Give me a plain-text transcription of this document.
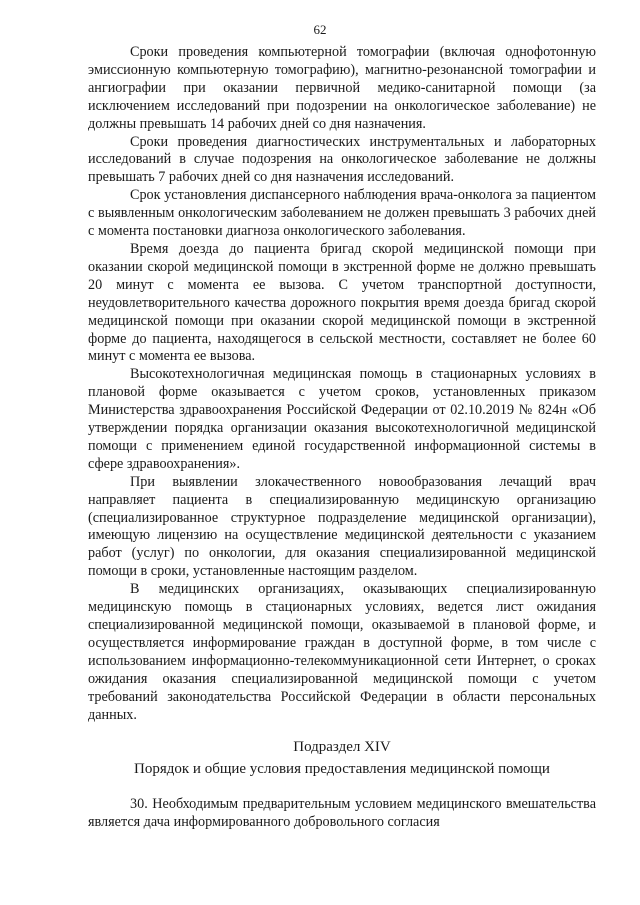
62

Сроки проведения компьютерной томографии (включая однофотонную эмиссионную компьютерную томографию), магнитно-резонансной томографии и ангиографии при оказании первичной медико-санитарной помощи (за исключением исследований при подозрении на онкологическое заболевание) не должны превышать 14 рабочих дней со дня назначения.

Сроки проведения диагностических инструментальных и лабораторных исследований в случае подозрения на онкологическое заболевание не должны превышать 7 рабочих дней со дня назначения исследований.

Срок установления диспансерного наблюдения врача-онколога за пациентом с выявленным онкологическим заболеванием не должен превышать 3 рабочих дней с момента постановки диагноза онкологического заболевания.

Время доезда до пациента бригад скорой медицинской помощи при оказании скорой медицинской помощи в экстренной форме не должно превышать 20 минут с момента ее вызова. С учетом транспортной доступности, неудовлетворительного качества дорожного покрытия время доезда бригад скорой медицинской помощи при оказании скорой медицинской помощи в экстренной форме до пациента, находящегося в сельской местности, составляет не более 60 минут с момента ее вызова.

Высокотехнологичная медицинская помощь в стационарных условиях в плановой форме оказывается с учетом сроков, установленных приказом Министерства здравоохранения Российской Федерации от 02.10.2019 № 824н «Об утверждении порядка организации оказания высокотехнологичной медицинской помощи с применением единой государственной информационной системы в сфере здравоохранения».

При выявлении злокачественного новообразования лечащий врач направляет пациента в специализированную медицинскую организацию (специализированное структурное подразделение медицинской организации), имеющую лицензию на осуществление медицинской деятельности с указанием работ (услуг) по онкологии, для оказания специализированной медицинской помощи в сроки, установленные настоящим разделом.

В медицинских организациях, оказывающих специализированную медицинскую помощь в стационарных условиях, ведется лист ожидания специализированной медицинской помощи, оказываемой в плановой форме, и осуществляется информирование граждан в доступной форме, в том числе с использованием информационно-телекоммуникационной сети Интернет, о сроках ожидания оказания специализированной медицинской помощи с учетом требований законодательства Российской Федерации в области персональных данных.

Подраздел XIV

Порядок и общие условия предоставления медицинской помощи

30. Необходимым предварительным условием медицинского вмешательства является дача информированного добровольного согласия
